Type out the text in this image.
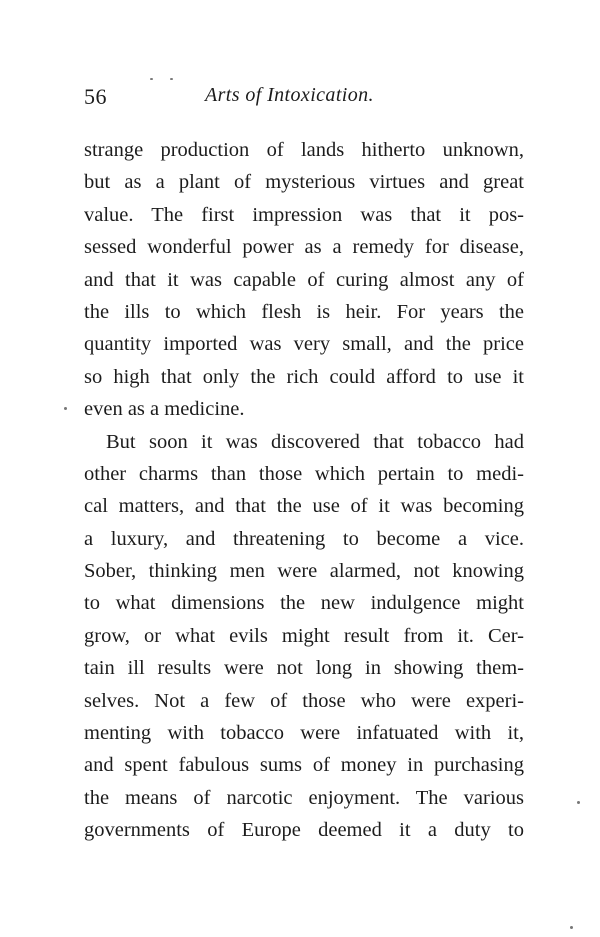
56	Arts of Intoxication.
strange production of lands hitherto unknown,
but as a plant of mysterious virtues and great
value. The first impression was that it pos-
sessed wonderful power as a remedy for disease,
and that it was capable of curing almost any of
the ills to which flesh is heir. For years the
quantity imported was very small, and the price
so high that only the rich could afford to use it
even as a medicine.
But soon it was discovered that tobacco had
other charms than those which pertain to medi-
cal matters, and that the use of it was becoming
a luxury, and threatening to become a vice.
Sober, thinking men were alarmed, not knowing
to what dimensions the new indulgence might
grow, or what evils might result from it. Cer-
tain ill results were not long in showing them-
selves. Not a few of those who were experi-
menting with tobacco were infatuated with it,
and spent fabulous sums of money in purchasing
the means of narcotic enjoyment. The various
governments of Europe deemed it a duty to
